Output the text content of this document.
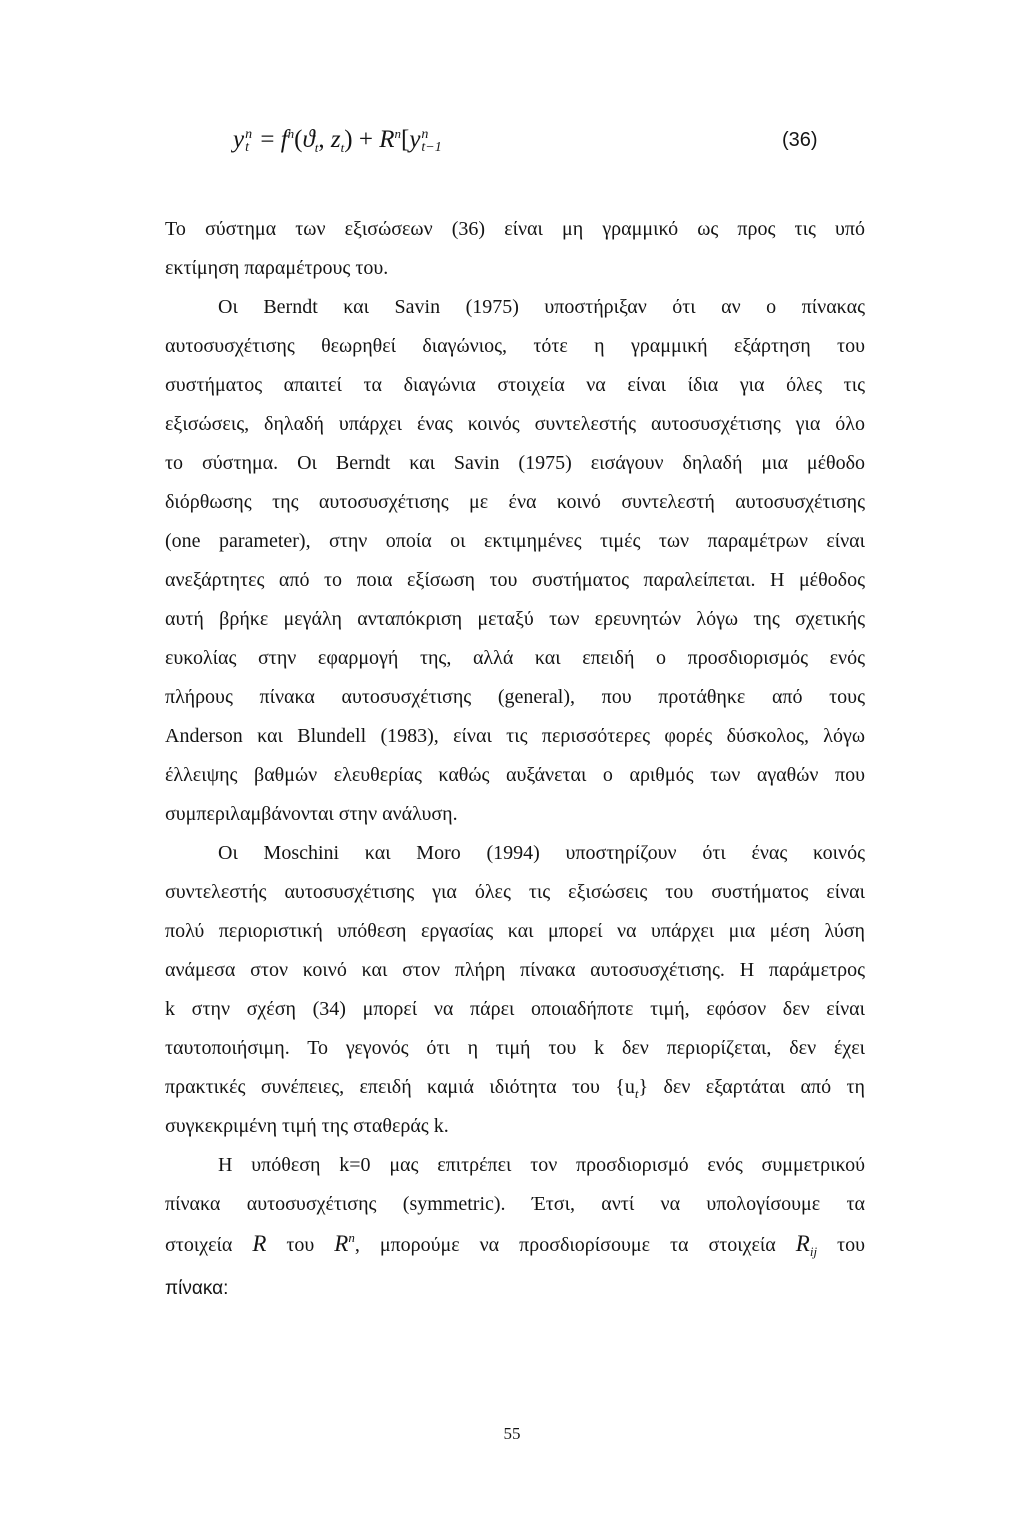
y n
$t = f^n(ϑ_t$, $z_t) + R^n[y$ n
t−1	(36)
Το σύστημα των εξισώσεων (36) είναι μη γραμμικό ως προς τις υπό
εκτίμηση παραμέτρους του.
Οι Berndt και Savin (1975) υποστήριξαν ότι αν ο πίνακας
αυτοσυσχέτισης θεωρηθεί διαγώνιος, τότε η γραμμική εξάρτηση του
συστήματος απαιτεί τα διαγώνια στοιχεία να είναι ίδια για όλες τις
εξισώσεις, δηλαδή υπάρχει ένας κοινός συντελεστής αυτοσυσχέτισης για όλο
το σύστημα. Οι Berndt και Savin (1975) εισάγουν δηλαδή μια μέθοδο
διόρθωσης της αυτοσυσχέτισης με ένα κοινό συντελεστή αυτοσυσχέτισης
(one parameter), στην οποία οι εκτιμημένες τιμές των παραμέτρων είναι
ανεξάρτητες από το ποια εξίσωση του συστήματος παραλείπεται. Η μέθοδος
αυτή βρήκε μεγάλη ανταπόκριση μεταξύ των ερευνητών λόγω της σχετικής
ευκολίας στην εφαρμογή της, αλλά και επειδή ο προσδιορισμός ενός
πλήρους πίνακα αυτοσυσχέτισης (general), που προτάθηκε από τους
Anderson και Blundell (1983), είναι τις περισσότερες φορές δύσκολος, λόγω
έλλειψης βαθμών ελευθερίας καθώς αυξάνεται ο αριθμός των αγαθών που
συμπεριλαμβάνονται στην ανάλυση.
Οι Moschini και Moro (1994) υποστηρίζουν ότι ένας κοινός
συντελεστής αυτοσυσχέτισης για όλες τις εξισώσεις του συστήματος είναι
πολύ περιοριστική υπόθεση εργασίας και μπορεί να υπάρχει μια μέση λύση
ανάμεσα στον κοινό και στον πλήρη πίνακα αυτοσυσχέτισης. Η παράμετρος
k στην σχέση (34) μπορεί να πάρει οποιαδήποτε τιμή, εφόσον δεν είναι
ταυτοποιήσιμη. Το γεγονός ότι η τιμή του k δεν περιορίζεται, δεν έχει
πρακτικές συνέπειες, επειδή καμιά ιδιότητα του $\{u_t\}$ δεν εξαρτάται από τη
συγκεκριμένη τιμή της σταθεράς k.
Η υπόθεση k=0 μας επιτρέπει τον προσδιορισμό ενός συμμετρικού
πίνακα αυτοσυσχέτισης (symmetric). Έτσι, αντί να υπολογίσουμε τα
στοιχεία R του $R^n$, μπορούμε να προσδιορίσουμε τα στοιχεία $R_{ij}$ του
πίνακα:
55
